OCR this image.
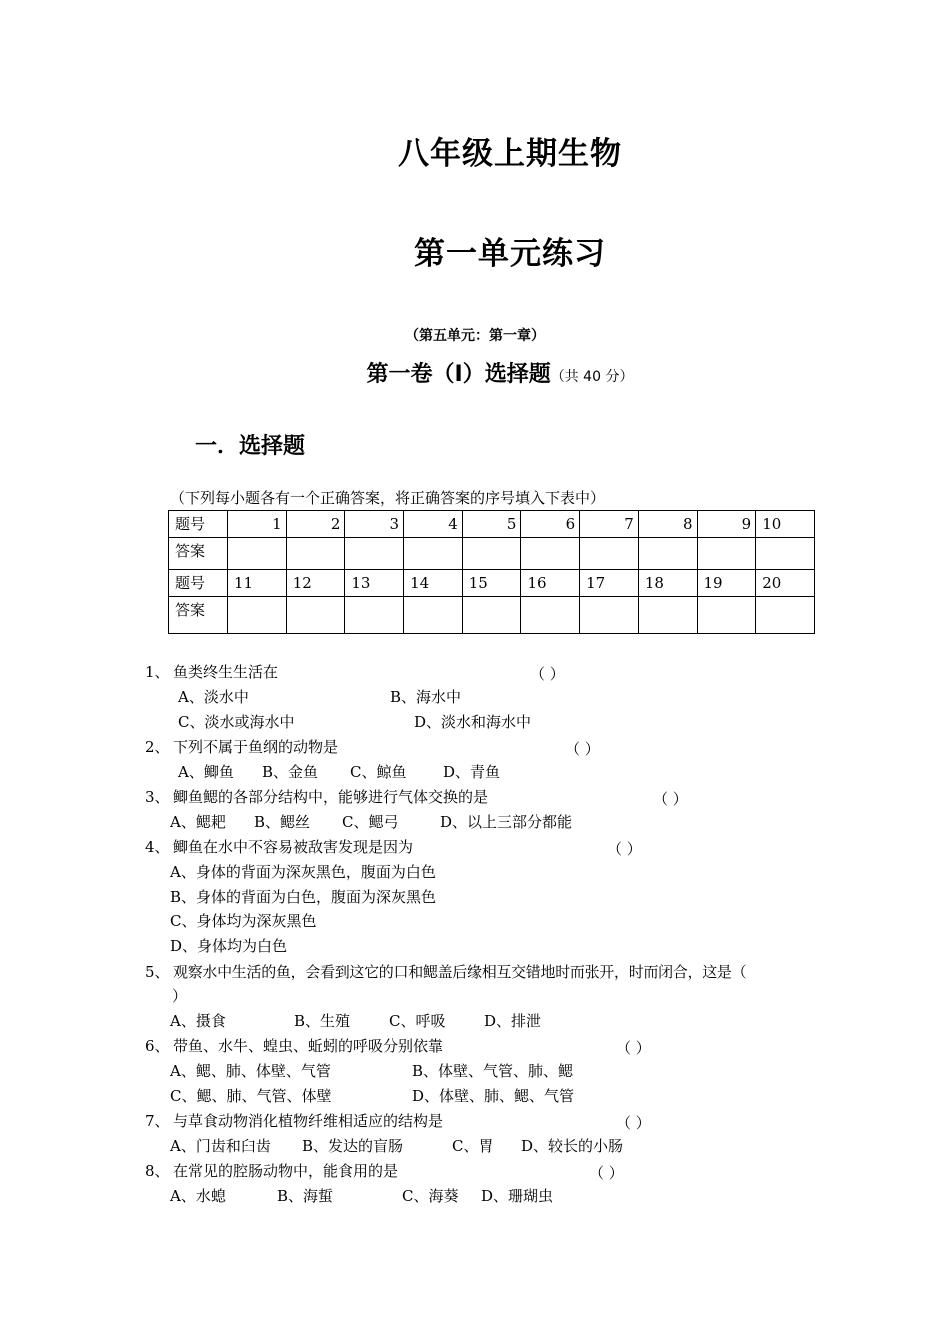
八年级上期生物
第一单元练习
（第五单元：第一章）
第一卷（I）选择题（共 40 分）
一．选择题
（下列每小题各有一个正确答案，将正确答案的序号填入下表中）
题号	1	2	3	4	5	6	7	8	9	10
答案										
题号	11	12	13	14	15	16	17	18	19	20
答案										
1、 鱼类终生生活在	（ ）
A、淡水中	B、海水中
C、淡水或海水中	D、淡水和海水中
2、 下列不属于鱼纲的动物是	（ ）
A、鲫鱼 B、金鱼 C、鲸鱼 D、青鱼
3、 鲫鱼鳃的各部分结构中，能够进行气体交换的是	（ ）
A、鳃耙 B、鳃丝 C、鳃弓	D、以上三部分都能
4、 鲫鱼在水中不容易被敌害发现是因为	（ ）
A、身体的背面为深灰黑色，腹面为白色
B、身体的背面为白色，腹面为深灰黑色
C、身体均为深灰黑色
D、身体均为白色
5、 观察水中生活的鱼，会看到这它的口和鳃盖后缘相互交错地时而张开，时而闭合，这是（
）
A、摄食	B、生殖	C、呼吸	D、排泄
6、 带鱼、水牛、蝗虫、蚯蚓的呼吸分别依靠	（ ）
A、鳃、肺、体壁、气管	B、体壁、气管、肺、鳃
C、鳃、肺、气管、体壁	D、体壁、肺、鳃、气管
7、 与草食动物消化植物纤维相适应的结构是	（ ）
A、门齿和臼齿 B、发达的盲肠	C、胃 D、较长的小肠
8、 在常见的腔肠动物中，能食用的是	（ ）
A、水螅	B、海蜇	C、海葵 D、珊瑚虫
